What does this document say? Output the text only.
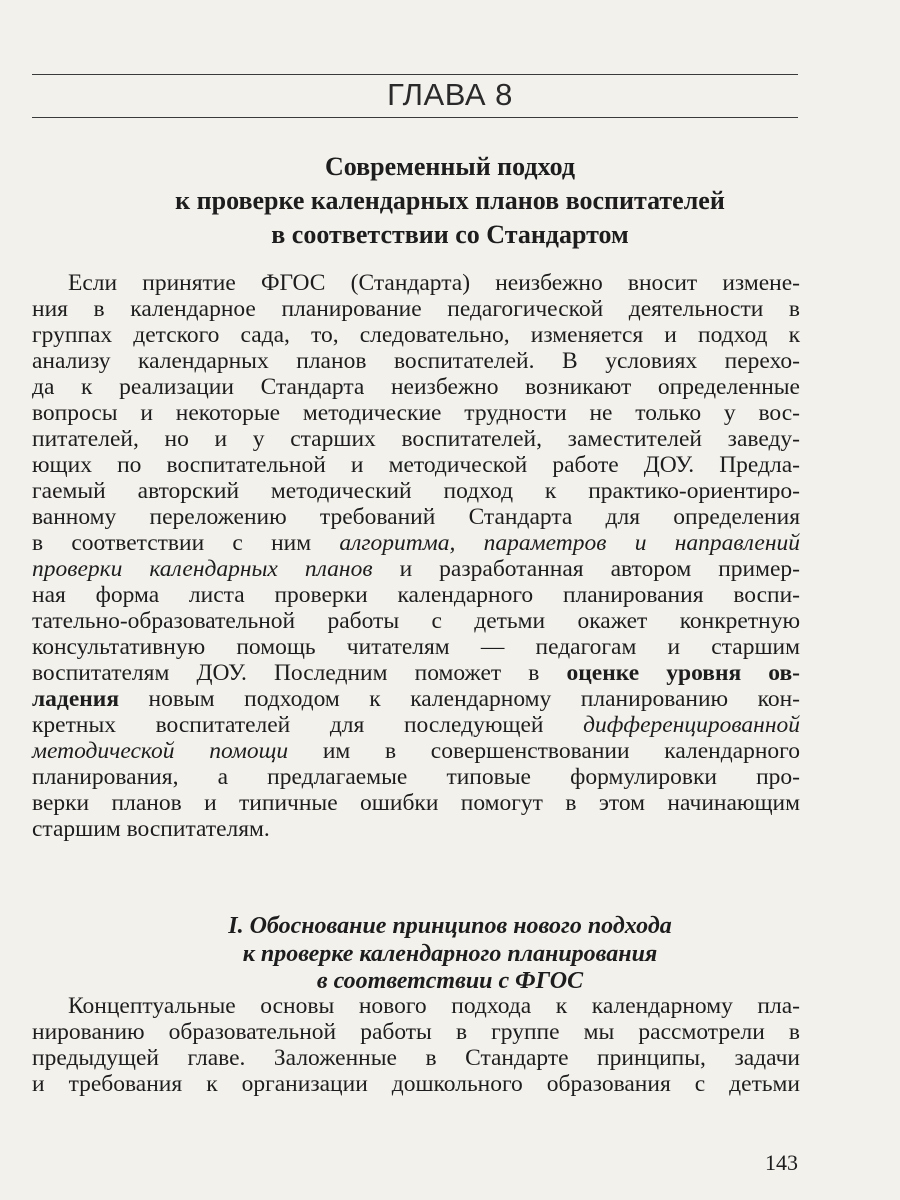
ГЛАВА 8
Современный подход
к проверке календарных планов воспитателей
в соответствии со Стандартом
Если принятие ФГОС (Стандарта) неизбежно вносит измене-
ния в календарное планирование педагогической деятельности в
группах детского сада, то, следовательно, изменяется и подход к
анализу календарных планов воспитателей. В условиях перехо-
да к реализации Стандарта неизбежно возникают определенные
вопросы и некоторые методические трудности не только у вос-
питателей, но и у старших воспитателей, заместителей заведу-
ющих по воспитательной и методической работе ДОУ. Предла-
гаемый авторский методический подход к практико-ориентиро-
ванному переложению требований Стандарта для определения
в соответствии с ним алгоритма, параметров и направлений
проверки календарных планов и разработанная автором пример-
ная форма листа проверки календарного планирования воспи-
тательно-образовательной работы с детьми окажет конкретную
консультативную помощь читателям — педагогам и старшим
воспитателям ДОУ. Последним поможет в оценке уровня ов-
ладения новым подходом к календарному планированию кон-
кретных воспитателей для последующей дифференцированной
методической помощи им в совершенствовании календарного
планирования, а предлагаемые типовые формулировки про-
верки планов и типичные ошибки помогут в этом начинающим
старшим воспитателям.
I. Обоснование принципов нового подхода
к проверке календарного планирования
в соответствии с ФГОС
Концептуальные основы нового подхода к календарному пла-
нированию образовательной работы в группе мы рассмотрели в
предыдущей главе. Заложенные в Стандарте принципы, задачи
и требования к организации дошкольного образования с детьми
143
